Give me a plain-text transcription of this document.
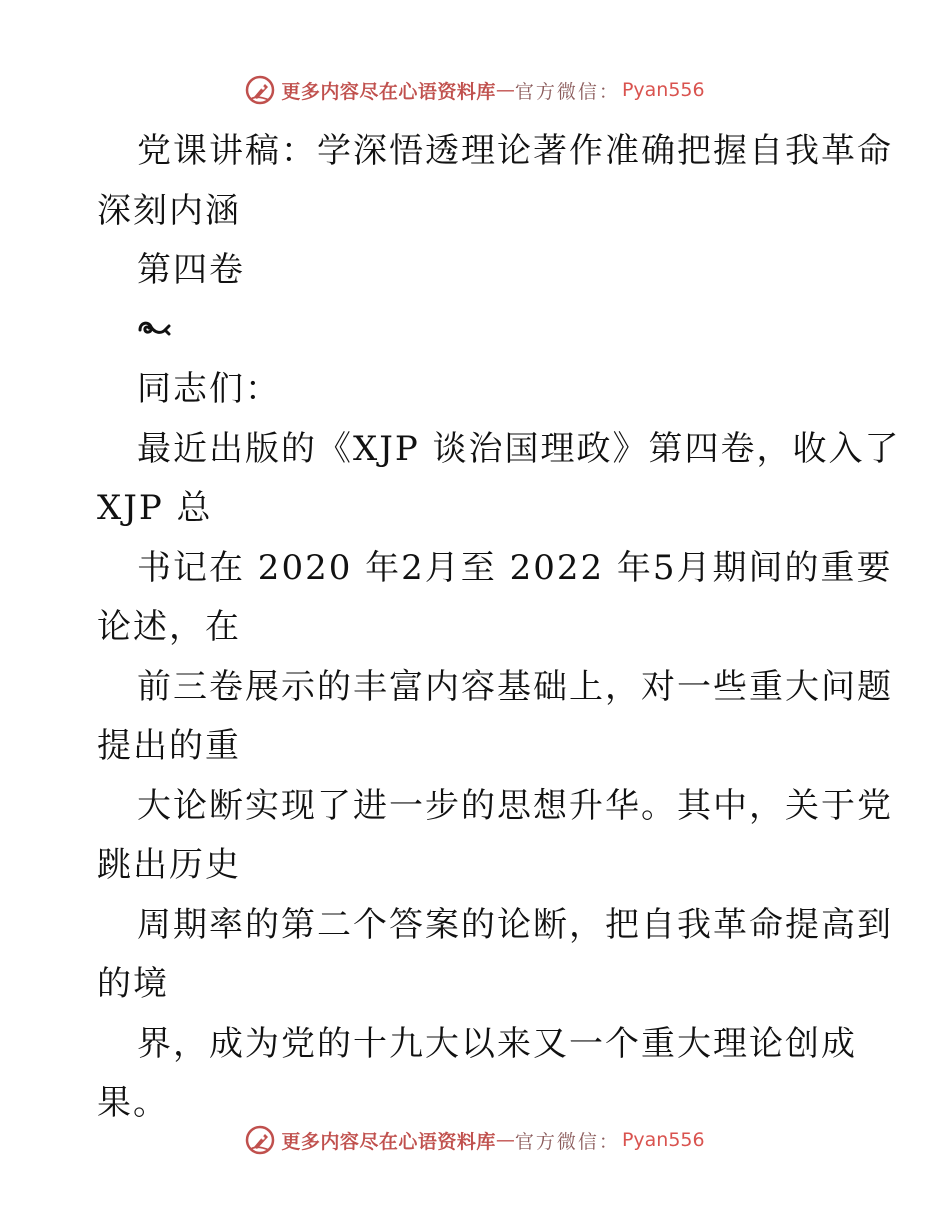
更多内容尽在心语资料库 — 官方微信： Pyan556
党课讲稿：学深悟透理论著作准确把握自我革命
深刻内涵
第四卷
同志们：
最近出版的《XJP 谈治国理政》第四卷，收入了
XJP 总
书记在 2020 年2月至 2022 年5月期间的重要
论述，在
前三卷展示的丰富内容基础上，对一些重大问题
提出的重
大论断实现了进一步的思想升华。其中，关于党
跳出历史
周期率的第二个答案的论断，把自我革命提高到
的境
界，成为党的十九大以来又一个重大理论创成
果。
更多内容尽在心语资料库 — 官方微信： Pyan556
